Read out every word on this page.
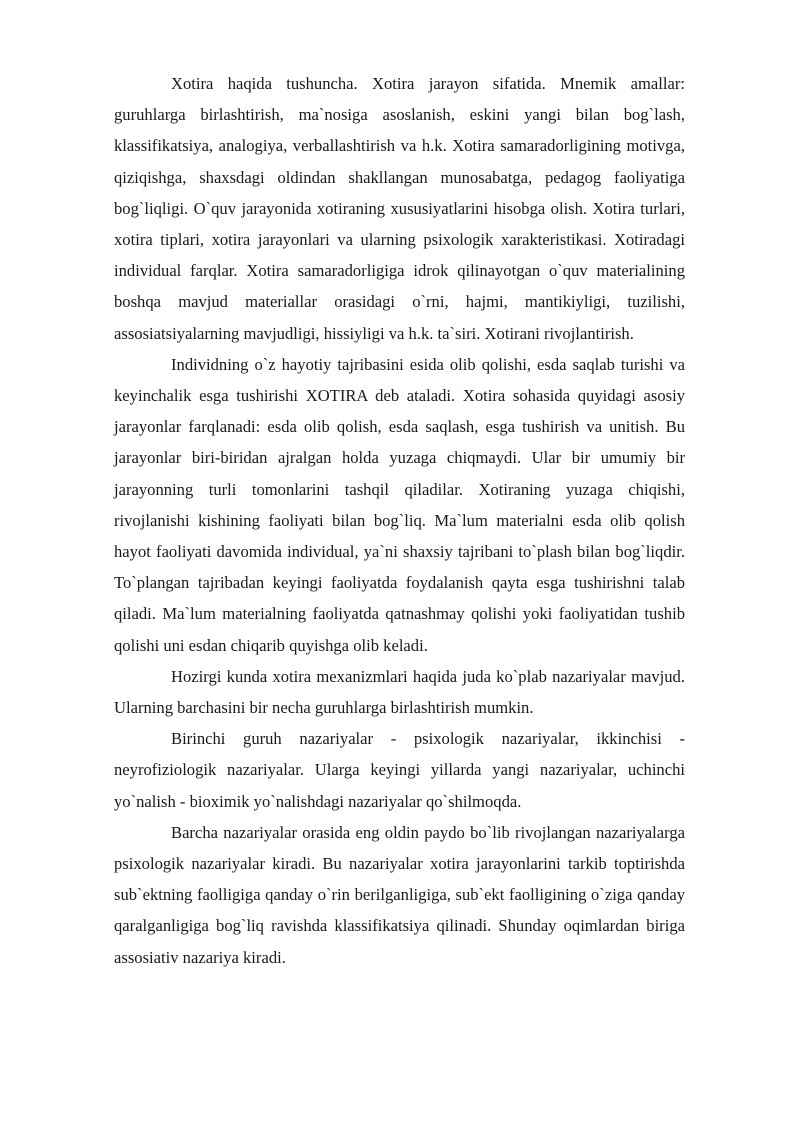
Xotira haqida tushuncha. Xotira jarayon sifatida. Mnemik amallar: guruhlarga birlashtirish, ma`nosiga asoslanish, eskini yangi bilan bog`lash, klassifikatsiya, analogiya, verballashtirish va h.k. Xotira samaradorligining motivga, qiziqishga, shaxsdagi oldindan shakllangan munosabatga, pedagog faoliyatiga bog`liqligi. O`quv jarayonida xotiraning xususiyatlarini hisobga olish. Xotira turlari, xotira tiplari, xotira jarayonlari va ularning psixologik xarakteristikasi. Xotiradagi individual farqlar. Xotira samaradorligiga idrok qilinayotgan o`quv materialining boshqa mavjud materiallar orasidagi o`rni, hajmi, mantikiyligi, tuzilishi, assosiatsiyalarning mavjudligi, hissiyligi va h.k. ta`siri. Xotirani rivojlantirish.

Individning o`z hayotiy tajribasini esida olib qolishi, esda saqlab turishi va keyinchalik esga tushirishi XOTIRA deb ataladi. Xotira sohasida quyidagi asosiy jarayonlar farqlanadi: esda olib qolish, esda saqlash, esga tushirish va unitish. Bu jarayonlar biri-biridan ajralgan holda yuzaga chiqmaydi. Ular bir umumiy bir jarayonning turli tomonlarini tashqil qiladilar. Xotiraning yuzaga chiqishi, rivojlanishi kishining faoliyati bilan bog`liq. Ma`lum materialni esda olib qolish hayot faoliyati davomida individual, ya`ni shaxsiy tajribani to`plash bilan bog`liqdir. To`plangan tajribadan keyingi faoliyatda foydalanish qayta esga tushirishni talab qiladi. Ma`lum materialning faoliyatda qatnashmay qolishi yoki faoliyatidan tushib qolishi uni esdan chiqarib quyishga olib keladi.

Hozirgi kunda xotira mexanizmlari haqida juda ko`plab nazariyalar mavjud. Ularning barchasini bir necha guruhlarga birlashtirish mumkin.

Birinchi guruh nazariyalar - psixologik nazariyalar, ikkinchisi - neyrofiziologik nazariyalar. Ularga keyingi yillarda yangi nazariyalar, uchinchi yo`nalish - bioximik yo`nalishdagi nazariyalar qo`shilmoqda.

Barcha nazariyalar orasida eng oldin paydo bo`lib rivojlangan nazariyalarga psixologik nazariyalar kiradi. Bu nazariyalar xotira jarayonlarini tarkib toptirishda sub`ektning faolligiga qanday o`rin berilganligiga, sub`ekt faolligining o`ziga qanday qaralganligiga bog`liq ravishda klassifikatsiya qilinadi. Shunday oqimlardan biriga assosiativ nazariya kiradi.
